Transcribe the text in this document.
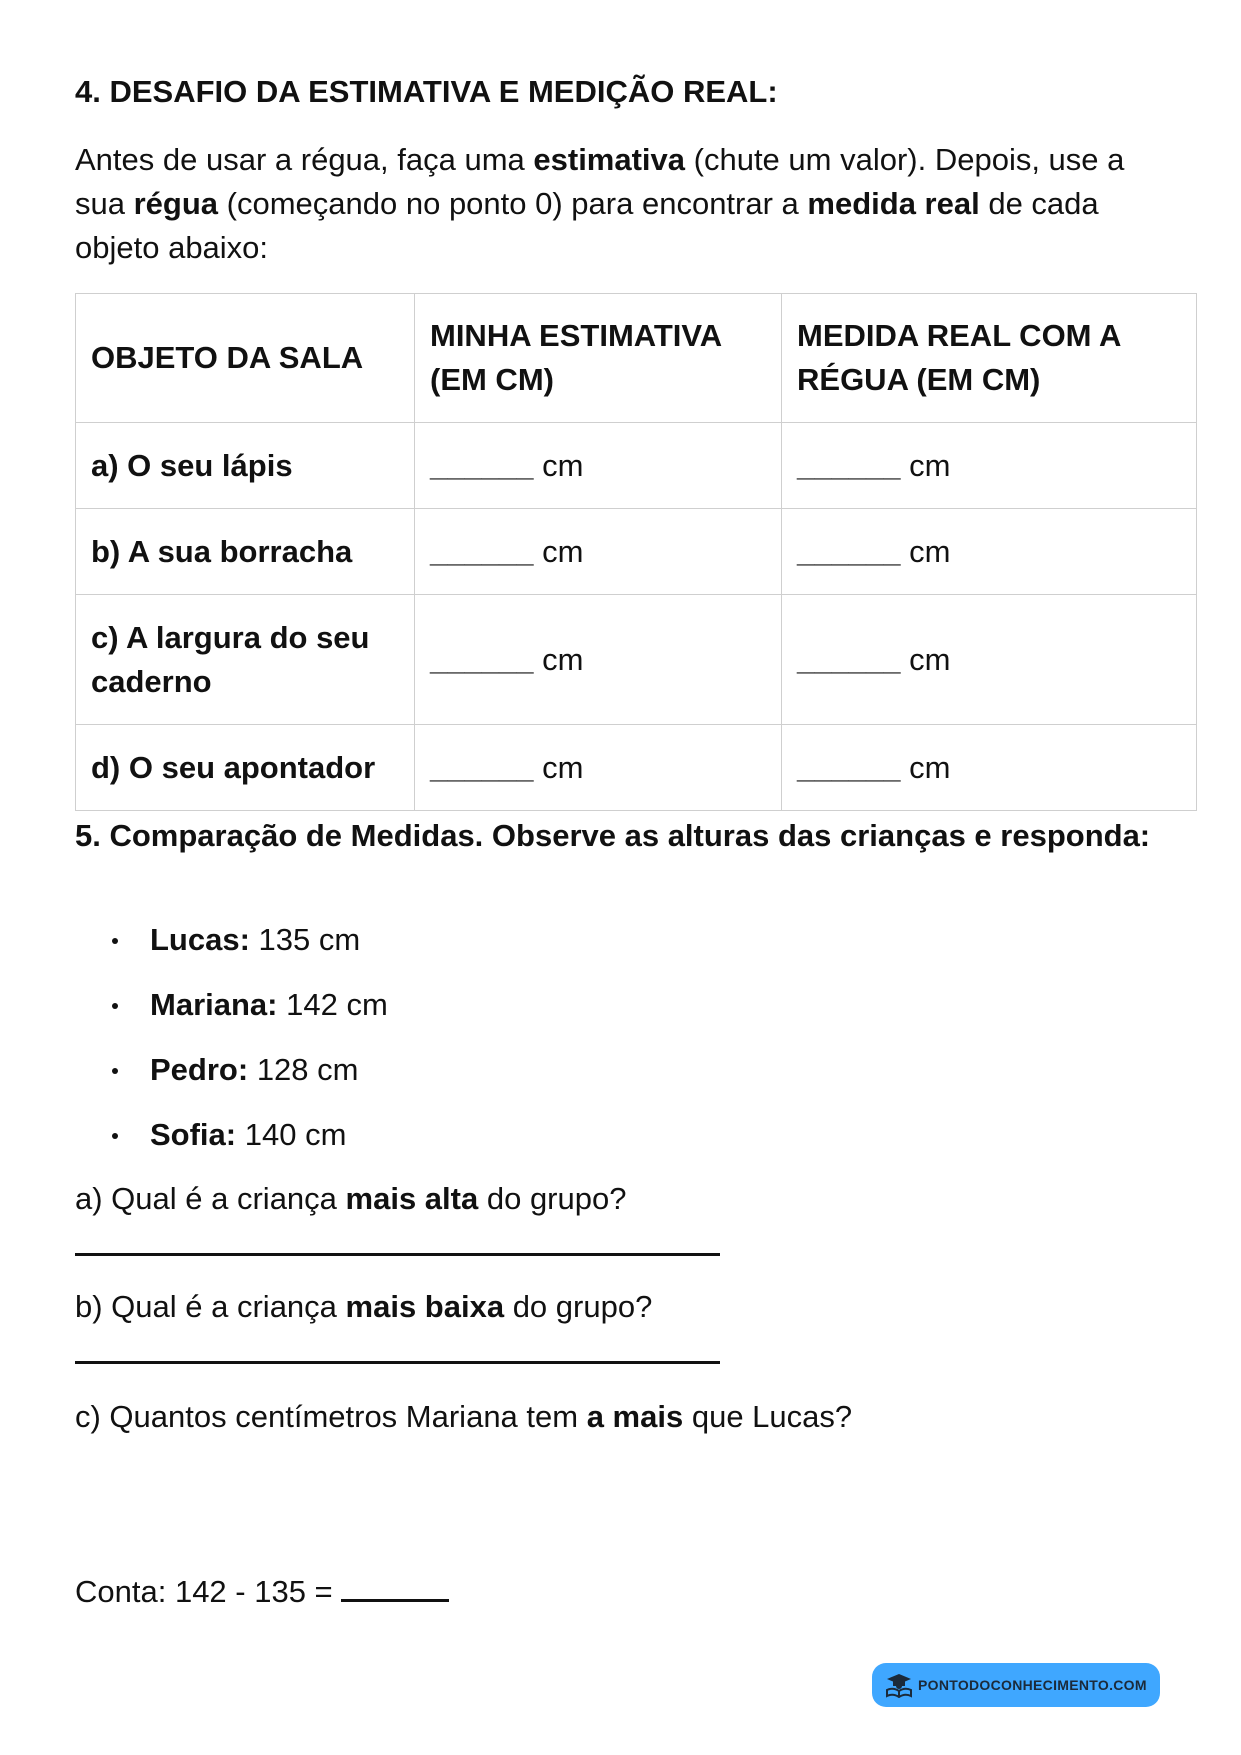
4. DESAFIO DA ESTIMATIVA E MEDIÇÃO REAL:
Antes de usar a régua, faça uma estimativa (chute um valor). Depois, use a sua régua (começando no ponto 0) para encontrar a medida real de cada objeto abaixo:
OBJETO DA SALA	MINHA ESTIMATIVA (EM CM)	MEDIDA REAL COM A RÉGUA (EM CM)
a) O seu lápis	______ cm	______ cm
b) A sua borracha	______ cm	______ cm
c) A largura do seu caderno	______ cm	______ cm
d) O seu apontador	______ cm	______ cm
5. Comparação de Medidas. Observe as alturas das crianças e responda:
Lucas: 135 cm
Mariana: 142 cm
Pedro: 128 cm
Sofia: 140 cm
a) Qual é a criança mais alta do grupo?
b) Qual é a criança mais baixa do grupo?
c) Quantos centímetros Mariana tem a mais que Lucas?
Conta: 142 - 135 =
PONTODOCONHECIMENTO.COM
